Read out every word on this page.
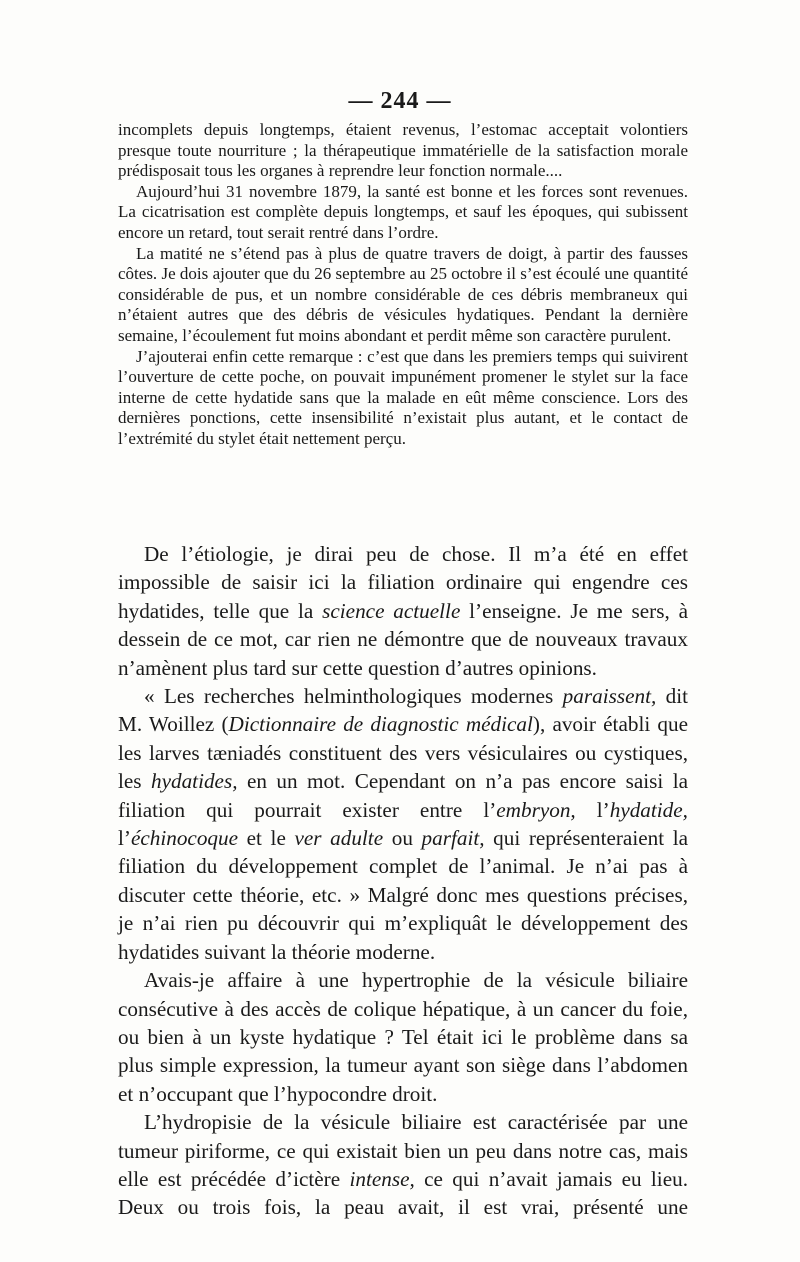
— 244 —

incomplets depuis longtemps, étaient revenus, l’estomac acceptait volontiers presque toute nourriture ; la thérapeutique immatérielle de la satisfaction morale prédisposait tous les organes à reprendre leur fonction normale....

Aujourd’hui 31 novembre 1879, la santé est bonne et les forces sont revenues. La cicatrisation est complète depuis longtemps, et sauf les époques, qui subissent encore un retard, tout serait rentré dans l’ordre.

La matité ne s’étend pas à plus de quatre travers de doigt, à partir des fausses côtes. Je dois ajouter que du 26 septembre au 25 octobre il s’est écoulé une quantité considérable de pus, et un nombre considérable de ces débris membraneux qui n’étaient autres que des débris de vésicules hydatiques. Pendant la dernière semaine, l’écoulement fut moins abondant et perdit même son caractère purulent.

J’ajouterai enfin cette remarque : c’est que dans les premiers temps qui suivirent l’ouverture de cette poche, on pouvait impunément promener le stylet sur la face interne de cette hydatide sans que la malade en eût même conscience. Lors des dernières ponctions, cette insensibilité n’existait plus autant, et le contact de l’extrémité du stylet était nettement perçu.

De l’étiologie, je dirai peu de chose. Il m’a été en effet impossible de saisir ici la filiation ordinaire qui engendre ces hydatides, telle que la science actuelle l’enseigne. Je me sers, à dessein de ce mot, car rien ne démontre que de nouveaux travaux n’amènent plus tard sur cette question d’autres opinions.

« Les recherches helminthologiques modernes paraissent, dit M. Woillez (Dictionnaire de diagnostic médical), avoir établi que les larves tæniadés constituent des vers vésiculaires ou cystiques, les hydatides, en un mot. Cependant on n’a pas encore saisi la filiation qui pourrait exister entre l’embryon, l’hydatide, l’échinocoque et le ver adulte ou parfait, qui représenteraient la filiation du développement complet de l’animal. Je n’ai pas à discuter cette théorie, etc. » Malgré donc mes questions précises, je n’ai rien pu découvrir qui m’expliquât le développement des hydatides suivant la théorie moderne.

Avais-je affaire à une hypertrophie de la vésicule biliaire consécutive à des accès de colique hépatique, à un cancer du foie, ou bien à un kyste hydatique ? Tel était ici le problème dans sa plus simple expression, la tumeur ayant son siège dans l’abdomen et n’occupant que l’hypocondre droit.

L’hydropisie de la vésicule biliaire est caractérisée par une tumeur piriforme, ce qui existait bien un peu dans notre cas, mais elle est précédée d’ictère intense, ce qui n’avait jamais eu lieu. Deux ou trois fois, la peau avait, il est vrai, présenté une
